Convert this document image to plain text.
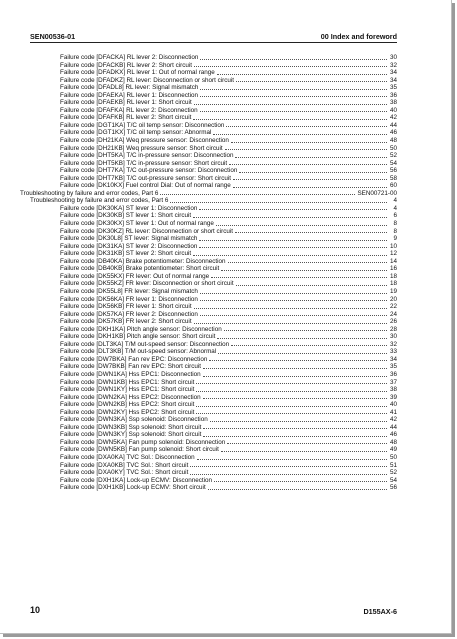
SEN00536-01	00 Index and foreword
Failure code [DFACKA] RL lever 2: Disconnection	30
Failure code [DFACKB] RL lever 2: Short circuit	32
Failure code [DFADKX] RL lever 1: Out of normal range	34
Failure code [DFADKZ] RL lever: Disconnection or short circuit	34
Failure code [DFADL8] RL lever: Signal mismatch	35
Failure code [DFAEKA] RL lever 1: Disconnection	36
Failure code [DFAEKB] RL lever 1: Short circuit	38
Failure code [DFAFKA] RL lever 2: Disconnection	40
Failure code [DFAFKB] RL lever 2: Short circuit	42
Failure code [DGT1KA] T/C oil temp sensor: Disconnection	44
Failure code [DGT1KX] T/C oil temp sensor: Abnormal	46
Failure code [DH21KA] Weq pressure sensor: Disconnection	48
Failure code [DH21KB] Weq pressure sensor: Short circuit	50
Failure code [DHT5KA] T/C in-pressure sensor: Disconnection	52
Failure code [DHT5KB] T/C in-pressure sensor: Short circuit	54
Failure code [DHT7KA] T/C out-pressure sensor: Disconnection	56
Failure code [DHT7KB] T/C out-pressure sensor: Short circuit	58
Failure code [DK10KX] Fuel control Dial: Out of normal range	60
Troubleshooting by failure and error codes, Part 6	SEN00721-00
Troubleshooting by failure and error codes, Part 6	4
Failure code [DK30KA] ST lever 1: Disconnection	4
Failure code [DK30KB] ST lever 1: Short circuit	6
Failure code [DK30KX] ST lever 1: Out of normal range	8
Failure code [DK30KZ] RL lever: Disconnection or short circuit	8
Failure code [DK30L8] ST lever: Signal mismatch	9
Failure code [DK31KA] ST lever 2: Disconnection	10
Failure code [DK31KB] ST lever 2: Short circuit	12
Failure code [DB40KA] Brake potentiometer: Disconnection	14
Failure code [DB40KB] Brake potentiometer: Short circuit	16
Failure code [DK55KX] FR lever: Out of normal range	18
Failure code [DK55KZ] FR lever: Disconnection or short circuit	18
Failure code [DK55L8] FR lever: Signal mismatch	19
Failure code [DK56KA] FR lever 1: Disconnection	20
Failure code [DK56KB] FR lever 1: Short circuit	22
Failure code [DK57KA] FR lever 2: Disconnection	24
Failure code [DK57KB] FR lever 2: Short circuit	26
Failure code [DKH1KA] Pitch angle sensor: Disconnection	28
Failure code [DKH1KB] Pitch angle sensor: Short circuit	30
Failure code [DLT3KA] T/M out-speed sensor: Disconnection	32
Failure code [DLT3KB] T/M out-speed sensor: Abnormal	33
Failure code [DW7BKA] Fan rev EPC: Disconnection	34
Failure code [DW7BKB] Fan rev EPC: Short circuit	35
Failure code [DWN1KA] Hss EPC1: Disconnection	36
Failure code [DWN1KB] Hss EPC1: Short circuit	37
Failure code [DWN1KY] Hss EPC1: Short circuit	38
Failure code [DWN2KA] Hss EPC2: Disconnection	39
Failure code [DWN2KB] Hss EPC2: Short circuit	40
Failure code [DWN2KY] Hss EPC2: Short circuit	41
Failure code [DWN3KA] Ssp solenoid: Disconnection	42
Failure code [DWN3KB] Ssp solenoid: Short circuit	44
Failure code [DWN3KY] Ssp solenoid: Short circuit	46
Failure code [DWN5KA] Fan pump solenoid: Disconnection	48
Failure code [DWN5KB] Fan pump solenoid: Short circuit	49
Failure code [DXA0KA] TVC Sol.: Disconnection	50
Failure code [DXA0KB] TVC Sol.: Short circuit	51
Failure code [DXA0KY] TVC Sol.: Short circuit	52
Failure code [DXH1KA] Lock-up ECMV: Disconnection	54
Failure code [DXH1KB] Lock-up ECMV: Short circuit	56
10	D155AX-6
